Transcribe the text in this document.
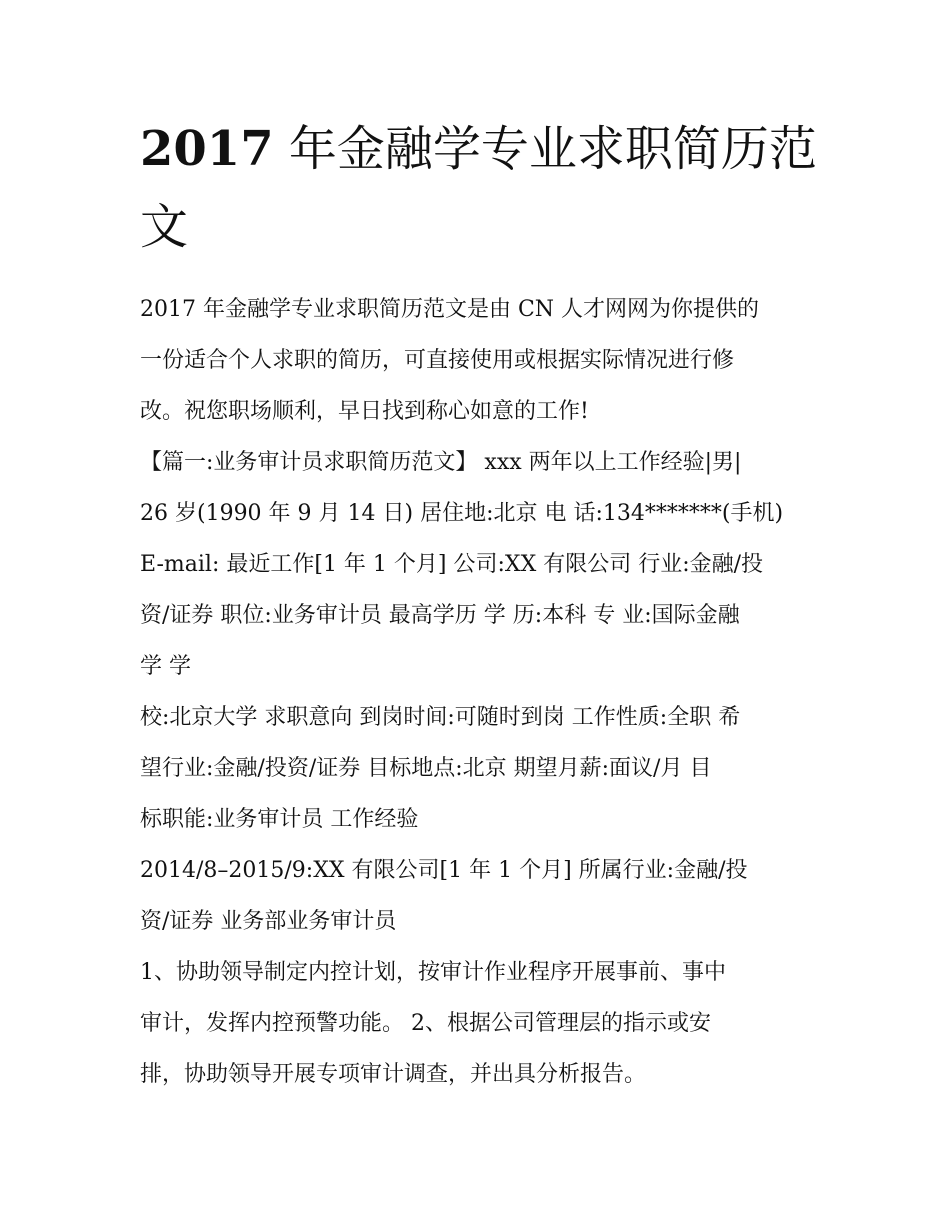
2017 年金融学专业求职简历范
文
2017 年金融学专业求职简历范文是由 CN 人才网网为你提供的
一份适合个人求职的简历，可直接使用或根据实际情况进行修
改。祝您职场顺利，早日找到称心如意的工作!
【篇一:业务审计员求职简历范文】 xxx 两年以上工作经验|男|
26 岁(1990 年 9 月 14 日) 居住地:北京 电 话:134*******(手机)
E-mail: 最近工作[1 年 1 个月] 公司:XX 有限公司 行业:金融/投
资/证券 职位:业务审计员 最高学历 学 历:本科 专 业:国际金融
学 学
校:北京大学 求职意向 到岗时间:可随时到岗 工作性质:全职 希
望行业:金融/投资/证券 目标地点:北京 期望月薪:面议/月 目
标职能:业务审计员 工作经验
2014/8–2015/9:XX 有限公司[1 年 1 个月] 所属行业:金融/投
资/证券 业务部业务审计员
1、协助领导制定内控计划，按审计作业程序开展事前、事中
审计，发挥内控预警功能。 2、根据公司管理层的指示或安
排，协助领导开展专项审计调查，并出具分析报告。
